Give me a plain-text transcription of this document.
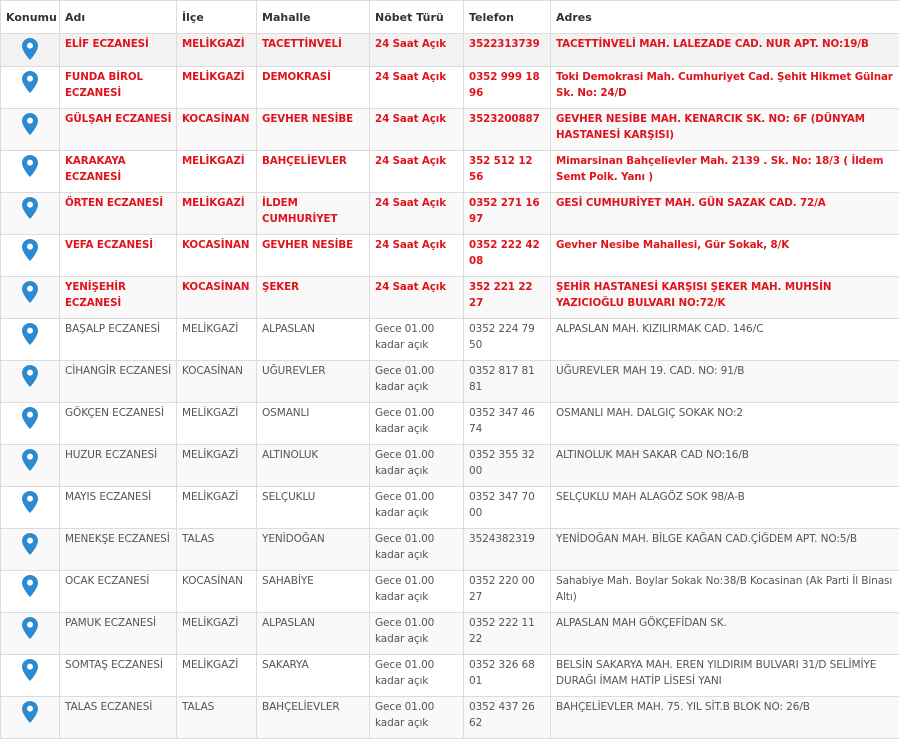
Konumu	Adı	İlçe	Mahalle	Nöbet Türü	Telefon	Adres
	ELİF ECZANESİ	MELİKGAZİ	TACETTİNVELİ	24 Saat Açık	3522313739	TACETTİNVELİ MAH. LALEZADE CAD. NUR APT. NO:19/B
	FUNDA BİROL ECZANESİ	MELİKGAZİ	DEMOKRASİ	24 Saat Açık	0352 999 18 96	Toki Demokrasi Mah. Cumhuriyet Cad. Şehit Hikmet Gülnar Sk. No: 24/D
	GÜLŞAH ECZANESİ	KOCASİNAN	GEVHER NESİBE	24 Saat Açık	3523200887	GEVHER NESİBE MAH. KENARCIK SK. NO: 6F (DÜNYAM HASTANESİ KARŞISI)
	KARAKAYA ECZANESİ	MELİKGAZİ	BAHÇELİEVLER	24 Saat Açık	352 512 12 56	Mimarsinan Bahçelievler Mah. 2139 . Sk. No: 18/3 ( İldem Semt Polk. Yanı )
	ÖRTEN ECZANESİ	MELİKGAZİ	İLDEM CUMHURİYET	24 Saat Açık	0352 271 16 97	GESİ CUMHURİYET MAH. GÜN SAZAK CAD. 72/A
	VEFA ECZANESİ	KOCASİNAN	GEVHER NESİBE	24 Saat Açık	0352 222 42 08	Gevher Nesibe Mahallesi, Gür Sokak, 8/K
	YENİŞEHİR ECZANESİ	KOCASİNAN	ŞEKER	24 Saat Açık	352 221 22 27	ŞEHİR HASTANESİ KARŞISI ŞEKER MAH. MUHSİN YAZICIOĞLU BULVARI NO:72/K
	BAŞALP ECZANESİ	MELİKGAZİ	ALPASLAN	Gece 01.00 kadar açık	0352 224 79 50	ALPASLAN MAH. KIZILIRMAK CAD. 146/C
	CİHANGİR ECZANESİ	KOCASİNAN	UĞUREVLER	Gece 01.00 kadar açık	0352 817 81 81	UĞUREVLER MAH 19. CAD. NO: 91/B
	GÖKÇEN ECZANESİ	MELİKGAZİ	OSMANLI	Gece 01.00 kadar açık	0352 347 46 74	OSMANLI MAH. DALGIÇ SOKAK NO:2
	HUZUR ECZANESİ	MELİKGAZİ	ALTINOLUK	Gece 01.00 kadar açık	0352 355 32 00	ALTINOLUK MAH SAKAR CAD NO:16/B
	MAYIS ECZANESİ	MELİKGAZİ	SELÇUKLU	Gece 01.00 kadar açık	0352 347 70 00	SELÇUKLU MAH ALAGÖZ SOK 98/A-B
	MENEKŞE ECZANESİ	TALAS	YENİDOĞAN	Gece 01.00 kadar açık	3524382319	YENİDOĞAN MAH. BİLGE KAĞAN CAD.ÇİĞDEM APT. NO:5/B
	OCAK ECZANESİ	KOCASİNAN	SAHABİYE	Gece 01.00 kadar açık	0352 220 00 27	Sahabiye Mah. Boylar Sokak No:38/B Kocasinan (Ak Parti İl Binası Altı)
	PAMUK ECZANESİ	MELİKGAZİ	ALPASLAN	Gece 01.00 kadar açık	0352 222 11 22	ALPASLAN MAH GÖKÇEFİDAN SK.
	SOMTAŞ ECZANESİ	MELİKGAZİ	SAKARYA	Gece 01.00 kadar açık	0352 326 68 01	BELSİN SAKARYA MAH. EREN YILDIRIM BULVARI 31/D SELİMİYE DURAĞI İMAM HATİP LİSESİ YANI
	TALAS ECZANESİ	TALAS	BAHÇELİEVLER	Gece 01.00 kadar açık	0352 437 26 62	BAHÇELİEVLER MAH. 75. YIL SİT.B BLOK NO: 26/B
